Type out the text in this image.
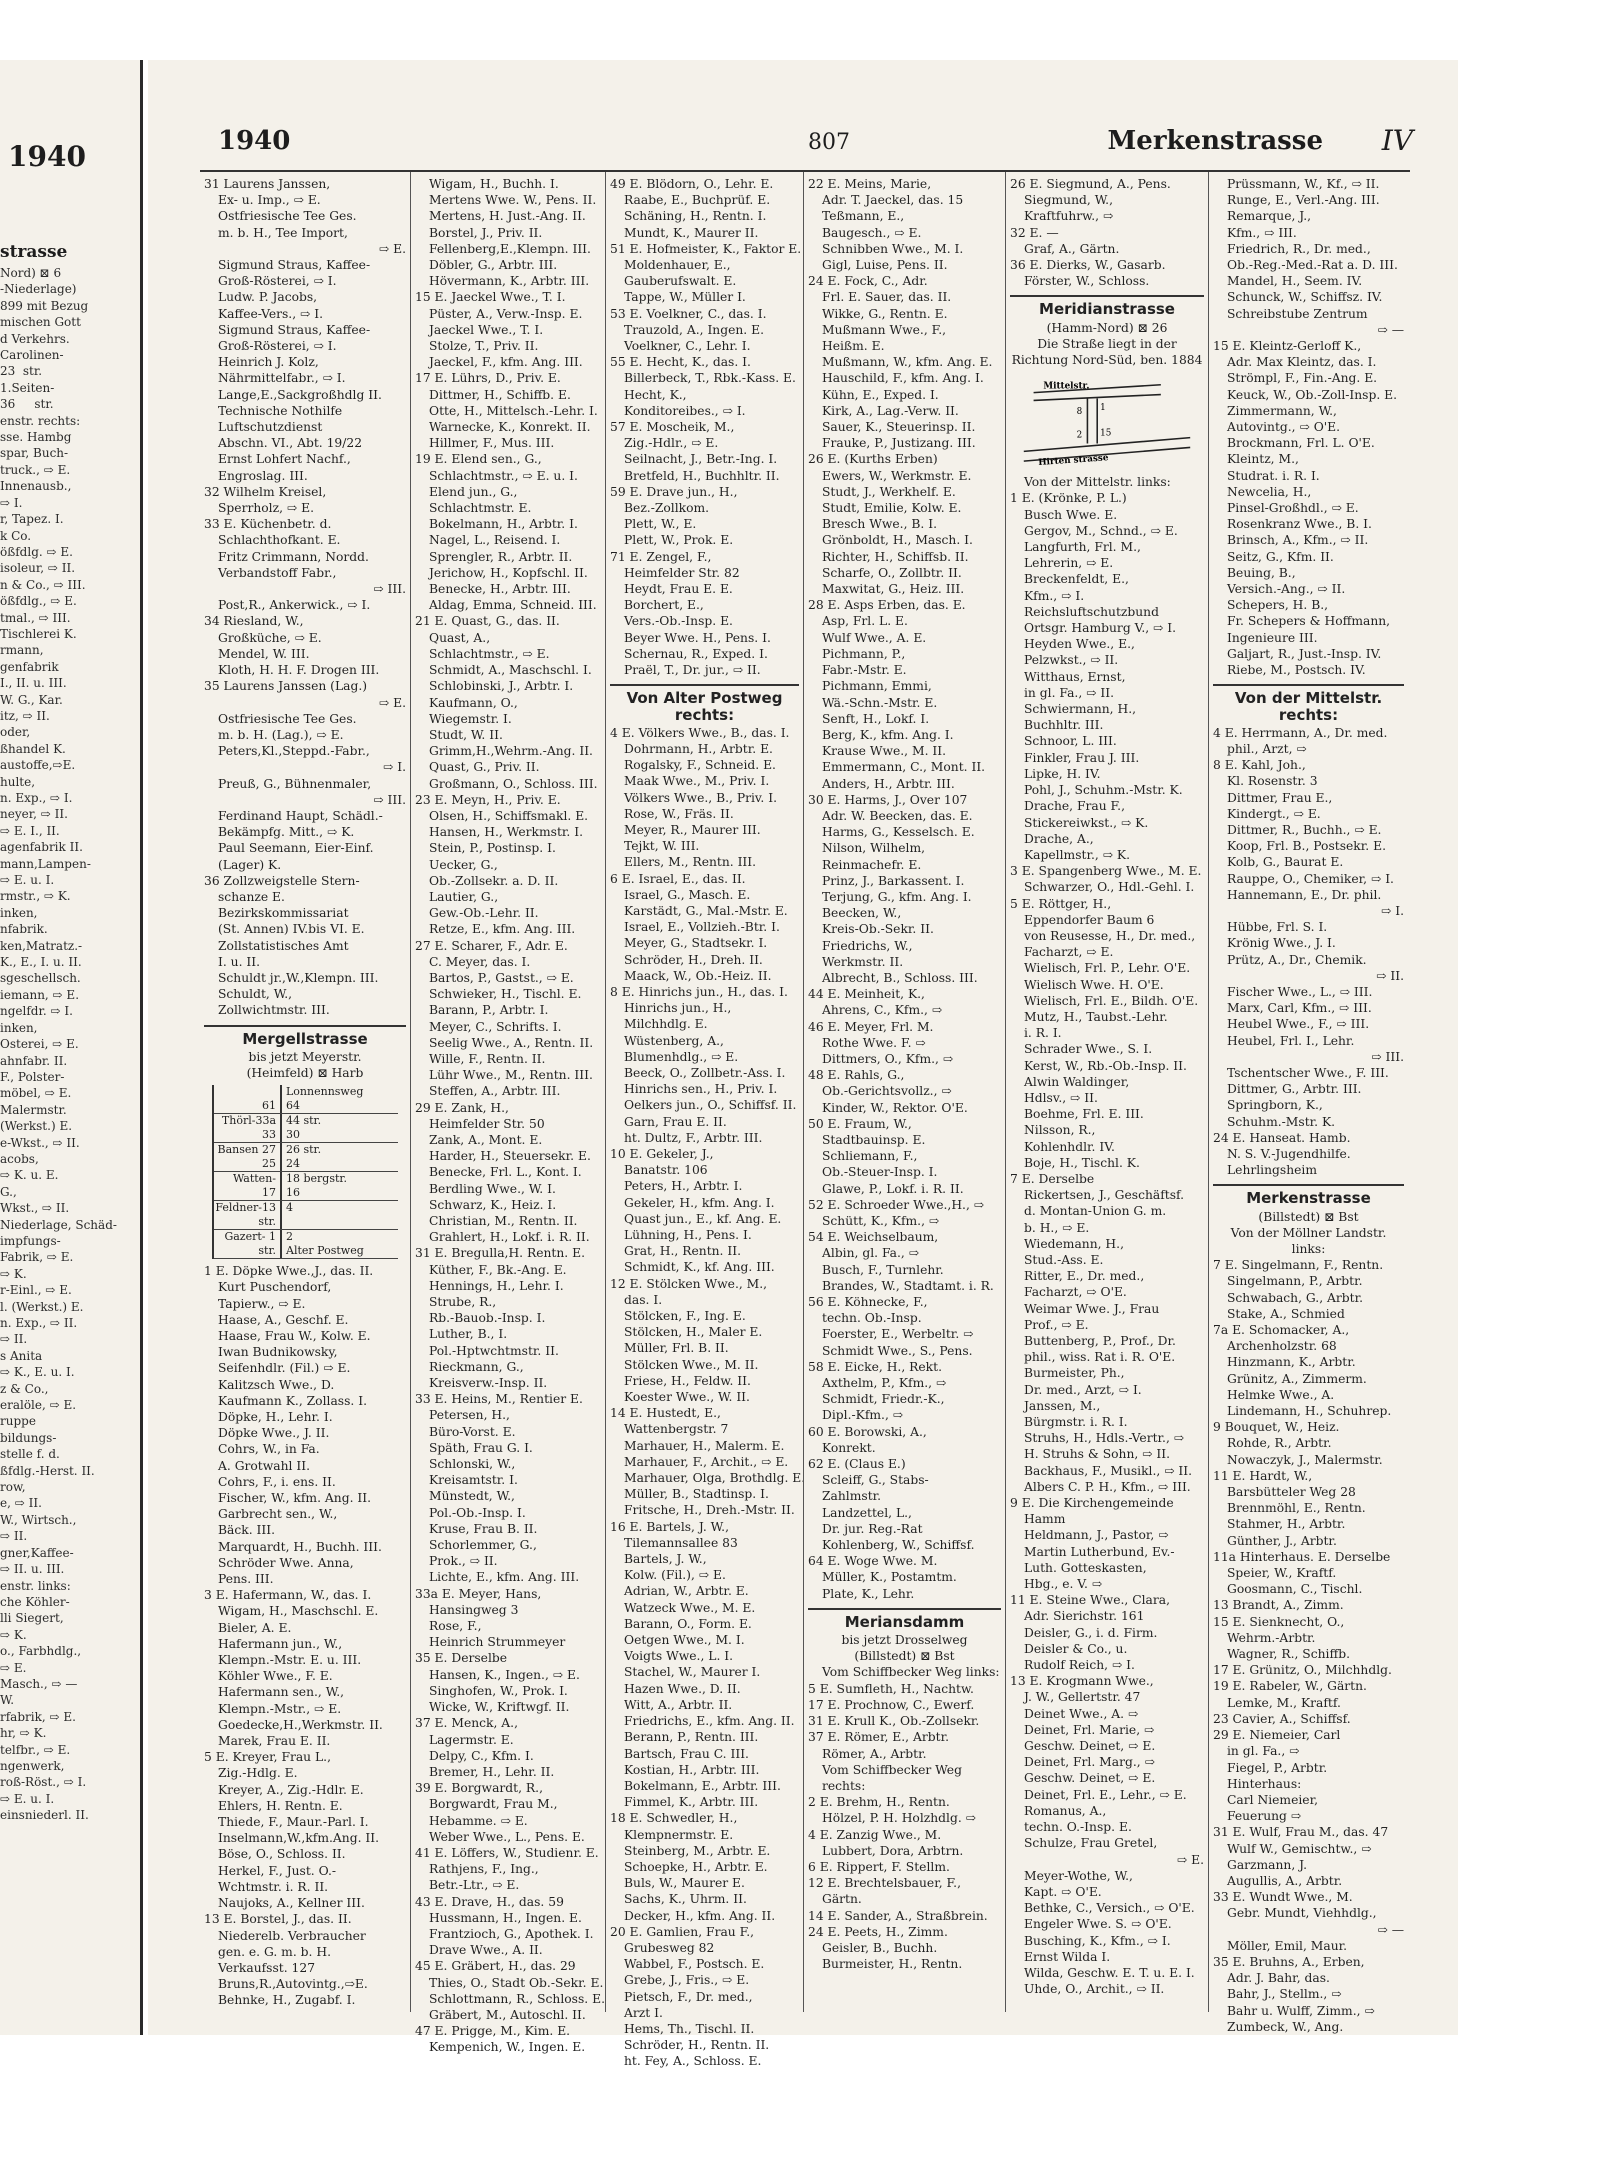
1940
strasse
Nord) ⊠ 6
-Niederlage)
899 mit Bezug
mischen Gott
d Verkehrs.
Carolinen-
23  str.
1.Seiten-
36     str.
enstr. rechts:
sse. Hambg
spar, Buch-
truck., ⇨ E.
Innenausb.,
⇨ I.
r, Tapez. I.
k Co.
ößfdlg. ⇨ E.
isoleur, ⇨ II.
n & Co., ⇨ III.
ößfdlg., ⇨ E.
tmal., ⇨ III.
Tischlerei K.
rmann,
genfabrik
I., II. u. III.
W. G., Kar.
itz, ⇨ II.
oder,
ßhandel K.
austoffe,⇨E.
hulte,
n. Exp., ⇨ I.
neyer, ⇨ II.
⇨ E. I., II.
agenfabrik II.
mann,Lampen-
⇨ E. u. I.
rmstr., ⇨ K.
inken,
nfabrik.
ken,Matratz.-
K., E., I. u. II.
sgeschellsch.
iemann, ⇨ E.
ngelfdr. ⇨ I.
inken,
Osterei, ⇨ E.
ahnfabr. II.
F., Polster-
möbel, ⇨ E.
Malermstr.
(Werkst.) E.
e-Wkst., ⇨ II.
acobs,
⇨ K. u. E.
G.,
Wkst., ⇨ II.
Niederlage, Schäd-
impfungs-
Fabrik, ⇨ E.
⇨ K.
r-Einl., ⇨ E.
l. (Werkst.) E.
n. Exp., ⇨ II.
⇨ II.
s Anita
⇨ K., E. u. I.
z & Co.,
eralöle, ⇨ E.
ruppe
bildungs-
stelle f. d.
ßfdlg.-Herst. II.
row,
e, ⇨ II.
W., Wirtsch.,
⇨ II.
gner,Kaffee-
⇨ II. u. III.
enstr. links:
che Köhler-
lli Siegert,
⇨ K.
o., Farbhdlg.,
⇨ E.
Masch., ⇨ —
W.
rfabrik, ⇨ E.
hr, ⇨ K.
telfbr., ⇨ E.
ngenwerk,
roß-Röst., ⇨ I.
⇨ E. u. I.
einsniederl. II.
1940	807	Merkenstrasse IV
31 Laurens Janssen,
Ex- u. Imp., ⇨ E.
Ostfriesische Tee Ges.
m. b. H., Tee Import,
⇨ E.
Sigmund Straus, Kaffee-
Groß-Rösterei, ⇨ I.
Ludw. P. Jacobs,
Kaffee-Vers., ⇨ I.
Sigmund Straus, Kaffee-
Groß-Rösterei, ⇨ I.
Heinrich J. Kolz,
Nährmittelfabr., ⇨ I.
Lange,E.,Sackgroßhdlg II.
Technische Nothilfe
Luftschutzdienst
Abschn. VI., Abt. 19/22
Ernst Lohfert Nachf.,
Engroslag. III.
32 Wilhelm Kreisel,
Sperrholz, ⇨ E.
33 E. Küchenbetr. d.
Schlachthofkant. E.
Fritz Crimmann, Nordd.
Verbandstoff Fabr.,
⇨ III.
Post,R., Ankerwick., ⇨ I.
34 Riesland, W.,
Großküche, ⇨ E.
Mendel, W. III.
Kloth, H. H. F. Drogen III.
35 Laurens Janssen (Lag.)
⇨ E.
Ostfriesische Tee Ges.
m. b. H. (Lag.), ⇨ E.
Peters,Kl.,Steppd.-Fabr.,
⇨ I.
Preuß, G., Bühnenmaler,
⇨ III.
Ferdinand Haupt, Schädl.-
Bekämpfg. Mitt., ⇨ K.
Paul Seemann, Eier-Einf.
(Lager) K.
36 Zollzweigstelle Stern-
schanze E.
Bezirkskommissariat
(St. Annen) IV.bis VI. E.
Zollstatistisches Amt
I. u. II.
Schuldt jr.,W.,Klempn. III.
Schuldt, W.,
Zollwichtmstr. III.
Mergellstrasse
bis jetzt Meyerstr.
(Heimfeld) ⊠ Harb
Lonnennsweg
61 64
Thörl-33a 44 str.
33 30
Bansen 27 26 str.
25 24
Watten- 18 bergstr.
17 16
Feldner-13 4
str.
Gazert- 1 2
str. Alter Postweg
1 E. Döpke Wwe.,J., das. II.
Kurt Puschendorf,
Tapierw., ⇨ E.
Haase, A., Geschf. E.
Haase, Frau W., Kolw. E.
Iwan Budnikowsky,
Seifenhdlr. (Fil.) ⇨ E.
Kalitzsch Wwe., D.
Kaufmann K., Zollass. I.
Döpke, H., Lehr. I.
Döpke Wwe., J. II.
Cohrs, W., in Fa.
A. Grotwahl II.
Cohrs, F., i. ens. II.
Fischer, W., kfm. Ang. II.
Garbrecht sen., W.,
Bäck. III.
Marquardt, H., Buchh. III.
Schröder Wwe. Anna,
Pens. III.
3 E. Hafermann, W., das. I.
Wigam, H., Maschschl. E.
Bieler, A. E.
Hafermann jun., W.,
Klempn.-Mstr. E. u. III.
Köhler Wwe., F. E.
Hafermann sen., W.,
Klempn.-Mstr., ⇨ E.
Goedecke,H.,Werkmstr. II.
Marek, Frau E. II.
5 E. Kreyer, Frau L.,
Zig.-Hdlg. E.
Kreyer, A., Zig.-Hdlr. E.
Ehlers, H. Rentn. E.
Thiede, F., Maur.-Parl. I.
Inselmann,W.,kfm.Ang. II.
Böse, O., Schloss. II.
Herkel, F., Just. O.-
Wchtmstr. i. R. II.
Naujoks, A., Kellner III.
13 E. Borstel, J., das. II.
Niederelb. Verbraucher
gen. e. G. m. b. H.
Verkaufsst. 127
Bruns,R.,Autovintg.,⇨E.
Behnke, H., Zugabf. I.
Wigam, H., Buchh. I.
Mertens Wwe. W., Pens. II.
Mertens, H. Just.-Ang. II.
Borstel, J., Priv. II.
Fellenberg,E.,Klempn. III.
Döbler, G., Arbtr. III.
Hövermann, K., Arbtr. III.
15 E. Jaeckel Wwe., T. I.
Püster, A., Verw.-Insp. E.
Jaeckel Wwe., T. I.
Stolze, T., Priv. II.
Jaeckel, F., kfm. Ang. III.
17 E. Lührs, D., Priv. E.
Dittmer, H., Schiffb. E.
Otte, H., Mittelsch.-Lehr. I.
Warnecke, K., Konrekt. II.
Hillmer, F., Mus. III.
19 E. Elend sen., G.,
Schlachtmstr., ⇨ E. u. I.
Elend jun., G.,
Schlachtmstr. E.
Bokelmann, H., Arbtr. I.
Nagel, L., Reisend. I.
Sprengler, R., Arbtr. II.
Jerichow, H., Kopfschl. II.
Benecke, H., Arbtr. III.
Aldag, Emma, Schneid. III.
21 E. Quast, G., das. II.
Quast, A.,
Schlachtmstr., ⇨ E.
Schmidt, A., Maschschl. I.
Schlobinski, J., Arbtr. I.
Kaufmann, O.,
Wiegemstr. I.
Studt, W. II.
Grimm,H.,Wehrm.-Ang. II.
Quast, G., Priv. II.
Großmann, O., Schloss. III.
23 E. Meyn, H., Priv. E.
Olsen, H., Schiffsmakl. E.
Hansen, H., Werkmstr. I.
Stein, P., Postinsp. I.
Uecker, G.,
Ob.-Zollsekr. a. D. II.
Lautier, G.,
Gew.-Ob.-Lehr. II.
Retze, E., kfm. Ang. III.
27 E. Scharer, F., Adr. E.
C. Meyer, das. I.
Bartos, P., Gastst., ⇨ E.
Schwieker, H., Tischl. E.
Barann, P., Arbtr. I.
Meyer, C., Schrifts. I.
Seelig Wwe., A., Rentn. II.
Wille, F., Rentn. II.
Lühr Wwe., M., Rentn. III.
Steffen, A., Arbtr. III.
29 E. Zank, H.,
Heimfelder Str. 50
Zank, A., Mont. E.
Harder, H., Steuersekr. E.
Benecke, Frl. L., Kont. I.
Berdling Wwe., W. I.
Schwarz, K., Heiz. I.
Christian, M., Rentn. II.
Grahlert, H., Lokf. i. R. II.
31 E. Bregulla,H. Rentn. E.
Küther, F., Bk.-Ang. E.
Hennings, H., Lehr. I.
Strube, R.,
Rb.-Bauob.-Insp. I.
Luther, B., I.
Pol.-Hptwchtmstr. II.
Rieckmann, G.,
Kreisverw.-Insp. II.
33 E. Heins, M., Rentier E.
Petersen, H.,
Büro-Vorst. E.
Späth, Frau G. I.
Schlonski, W.,
Kreisamtstr. I.
Münstedt, W.,
Pol.-Ob.-Insp. I.
Kruse, Frau B. II.
Schorlemmer, G.,
Prok., ⇨ II.
Lichte, E., kfm. Ang. III.
33a E. Meyer, Hans,
Hansingweg 3
Rose, F.,
Heinrich Strummeyer
35 E. Derselbe
Hansen, K., Ingen., ⇨ E.
Singhofen, W., Prok. I.
Wicke, W., Kriftwgf. II.
37 E. Menck, A.,
Lagermstr. E.
Delpy, C., Kfm. I.
Bremer, H., Lehr. II.
39 E. Borgwardt, R.,
Borgwardt, Frau M.,
Hebamme. ⇨ E.
Weber Wwe., L., Pens. E.
41 E. Löffers, W., Studienr. E.
Rathjens, F., Ing.,
Betr.-Ltr., ⇨ E.
43 E. Drave, H., das. 59
Hussmann, H., Ingen. E.
Frantzioch, G., Apothek. I.
Drave Wwe., A. II.
45 E. Gräbert, H., das. 29
Thies, O., Stadt Ob.-Sekr. E.
Schlottmann, R., Schloss. E.
Gräbert, M., Autoschl. II.
47 E. Prigge, M., Kim. E.
Kempenich, W., Ingen. E.
49 E. Blödorn, O., Lehr. E.
Raabe, E., Buchprüf. E.
Schäning, H., Rentn. I.
Mundt, K., Maurer II.
51 E. Hofmeister, K., Faktor E.
Moldenhauer, E.,
Gauberufswalt. E.
Tappe, W., Müller I.
53 E. Voelkner, C., das. I.
Trauzold, A., Ingen. E.
Voelkner, C., Lehr. I.
55 E. Hecht, K., das. I.
Billerbeck, T., Rbk.-Kass. E.
Hecht, K.,
Konditoreibes., ⇨ I.
57 E. Moscheik, M.,
Zig.-Hdlr., ⇨ E.
Seilnacht, J., Betr.-Ing. I.
Bretfeld, H., Buchhltr. II.
59 E. Drave jun., H.,
Bez.-Zollkom.
Plett, W., E.
Plett, W., Prok. E.
71 E. Zengel, F.,
Heimfelder Str. 82
Heydt, Frau E. E.
Borchert, E.,
Vers.-Ob.-Insp. E.
Beyer Wwe. H., Pens. I.
Schernau, R., Exped. I.
Praël, T., Dr. jur., ⇨ II.
Von Alter Postweg rechts:
4 E. Völkers Wwe., B., das. I.
Dohrmann, H., Arbtr. E.
Rogalsky, F., Schneid. E.
Maak Wwe., M., Priv. I.
Völkers Wwe., B., Priv. I.
Rose, W., Fräs. II.
Meyer, R., Maurer III.
Tejkt, W. III.
Ellers, M., Rentn. III.
6 E. Israel, E., das. II.
Israel, G., Masch. E.
Karstädt, G., Mal.-Mstr. E.
Israel, E., Vollzieh.-Btr. I.
Meyer, G., Stadtsekr. I.
Schröder, H., Dreh. II.
Maack, W., Ob.-Heiz. II.
8 E. Hinrichs jun., H., das. I.
Hinrichs jun., H.,
Milchhdlg. E.
Wüstenberg, A.,
Blumenhdlg., ⇨ E.
Beeck, O., Zollbetr.-Ass. I.
Hinrichs sen., H., Priv. I.
Oelkers jun., O., Schiffsf. II.
Garn, Frau E. II.
ht. Dultz, F., Arbtr. III.
10 E. Gekeler, J.,
Banatstr. 106
Peters, H., Arbtr. I.
Gekeler, H., kfm. Ang. I.
Quast jun., E., kf. Ang. E.
Lühning, H., Pens. I.
Grat, H., Rentn. II.
Schmidt, K., kf. Ang. III.
12 E. Stölcken Wwe., M.,
das. I.
Stölcken, F., Ing. E.
Stölcken, H., Maler E.
Müller, Frl. B. II.
Stölcken Wwe., M. II.
Friese, H., Feldw. II.
Koester Wwe., W. II.
14 E. Hustedt, E.,
Wattenbergstr. 7
Marhauer, H., Malerm. E.
Marhauer, F., Archit., ⇨ E.
Marhauer, Olga, Brothdlg. E.
Müller, B., Stadtinsp. I.
Fritsche, H., Dreh.-Mstr. II.
16 E. Bartels, J. W.,
Tilemannsallee 83
Bartels, J. W.,
Kolw. (Fil.), ⇨ E.
Adrian, W., Arbtr. E.
Watzeck Wwe., M. E.
Barann, O., Form. E.
Oetgen Wwe., M. I.
Voigts Wwe., L. I.
Stachel, W., Maurer I.
Hazen Wwe., D. II.
Witt, A., Arbtr. II.
Friedrichs, E., kfm. Ang. II.
Berann, P., Rentn. III.
Bartsch, Frau C. III.
Kostian, H., Arbtr. III.
Bokelmann, E., Arbtr. III.
Fimmel, K., Arbtr. III.
18 E. Schwedler, H.,
Klempnermstr. E.
Steinberg, M., Arbtr. E.
Schoepke, H., Arbtr. E.
Buls, W., Maurer E.
Sachs, K., Uhrm. II.
Decker, H., kfm. Ang. II.
20 E. Gamlien, Frau F.,
Grubesweg 82
Wabbel, F., Postsch. E.
Grebe, J., Fris., ⇨ E.
Pietsch, F., Dr. med.,
Arzt I.
Hems, Th., Tischl. II.
Schröder, H., Rentn. II.
ht. Fey, A., Schloss. E.
22 E. Meins, Marie,
Adr. T. Jaeckel, das. 15
Teßmann, E.,
Baugesch., ⇨ E.
Schnibben Wwe., M. I.
Gigl, Luise, Pens. II.
24 E. Fock, C., Adr.
Frl. E. Sauer, das. II.
Wikke, G., Rentn. E.
Mußmann Wwe., F.,
Heißm. E.
Mußmann, W., kfm. Ang. E.
Hauschild, F., kfm. Ang. I.
Kühn, E., Exped. I.
Kirk, A., Lag.-Verw. II.
Sauer, K., Steuerinsp. II.
Frauke, P., Justizang. III.
26 E. (Kurths Erben)
Ewers, W., Werkmstr. E.
Studt, J., Werkhelf. E.
Studt, Emilie, Kolw. E.
Bresch Wwe., B. I.
Grönboldt, H., Masch. I.
Richter, H., Schiffsb. II.
Scharfe, O., Zollbtr. II.
Maxwitat, G., Heiz. III.
28 E. Asps Erben, das. E.
Asp, Frl. L. E.
Wulf Wwe., A. E.
Pichmann, P.,
Fabr.-Mstr. E.
Pichmann, Emmi,
Wä.-Schn.-Mstr. E.
Senft, H., Lokf. I.
Berg, K., kfm. Ang. I.
Krause Wwe., M. II.
Emmermann, C., Mont. II.
Anders, H., Arbtr. III.
30 E. Harms, J., Over 107
Adr. W. Beecken, das. E.
Harms, G., Kesselsch. E.
Nilson, Wilhelm,
Reinmachefr. E.
Prinz, J., Barkassent. I.
Terjung, G., kfm. Ang. I.
Beecken, W.,
Kreis-Ob.-Sekr. II.
Friedrichs, W.,
Werkmstr. II.
Albrecht, B., Schloss. III.
44 E. Meinheit, K.,
Ahrens, C., Kfm., ⇨
46 E. Meyer, Frl. M.
Rothe Wwe. F. ⇨
Dittmers, O., Kfm., ⇨
48 E. Rahls, G.,
Ob.-Gerichtsvollz., ⇨
Kinder, W., Rektor. O'E.
50 E. Fraum, W.,
Stadtbauinsp. E.
Schliemann, F.,
Ob.-Steuer-Insp. I.
Glawe, P., Lokf. i. R. II.
52 E. Schroeder Wwe.,H., ⇨
Schütt, K., Kfm., ⇨
54 E. Weichselbaum,
Albin, gl. Fa., ⇨
Busch, F., Turnlehr.
Brandes, W., Stadtamt. i. R.
56 E. Köhnecke, F.,
techn. Ob.-Insp.
Foerster, E., Werbeltr. ⇨
Schmidt Wwe., S., Pens.
58 E. Eicke, H., Rekt.
Axthelm, P., Kfm., ⇨
Schmidt, Friedr.-K.,
Dipl.-Kfm., ⇨
60 E. Borowski, A.,
Konrekt.
62 E. (Claus E.)
Scleiff, G., Stabs-
Zahlmstr.
Landzettel, L.,
Dr. jur. Reg.-Rat
Kohlenberg, W., Schiffsf.
64 E. Woge Wwe. M.
Müller, K., Postamtm.
Plate, K., Lehr.
Meriansdamm
bis jetzt Drosselweg
(Billstedt) ⊠ Bst
Vom Schiffbecker Weg links:
5 E. Sumfleth, H., Nachtw.
17 E. Prochnow, C., Ewerf.
31 E. Krull K., Ob.-Zollsekr.
37 E. Römer, E., Arbtr.
Römer, A., Arbtr.
Vom Schiffbecker Weg
rechts:
2 E. Brehm, H., Rentn.
Hölzel, P. H. Holzhdlg. ⇨
4 E. Zanzig Wwe., M.
Lubbert, Dora, Arbtrn.
6 E. Rippert, F. Stellm.
12 E. Brechtelsbauer, F.,
Gärtn.
14 E. Sander, A., Straßbrein.
24 E. Peets, H., Zimm.
Geisler, B., Buchh.
Burmeister, H., Rentn.
26 E. Siegmund, A., Pens.
Siegmund, W.,
Kraftfuhrw., ⇨
32 E. —
Graf, A., Gärtn.
36 E. Dierks, W., Gasarb.
Förster, W., Schloss.
Meridianstrasse
(Hamm-Nord) ⊠ 26
Die Straße liegt in der
Richtung Nord-Süd, ben. 1884
Mittelstr.
Hirten strasse
8 1
2 15
Von der Mittelstr. links:
1 E. (Krönke, P. L.)
Busch Wwe. E.
Gergov, M., Schnd., ⇨ E.
Langfurth, Frl. M.,
Lehrerin, ⇨ E.
Breckenfeldt, E.,
Kfm., ⇨ I.
Reichsluftschutzbund
Ortsgr. Hamburg V., ⇨ I.
Heyden Wwe., E.,
Pelzwkst., ⇨ II.
Witthaus, Ernst,
in gl. Fa., ⇨ II.
Schwiermann, H.,
Buchhltr. III.
Schnoor, L. III.
Finkler, Frau J. III.
Lipke, H. IV.
Pohl, J., Schuhm.-Mstr. K.
Drache, Frau F.,
Stickereiwkst., ⇨ K.
Drache, A.,
Kapellmstr., ⇨ K.
3 E. Spangenberg Wwe., M. E.
Schwarzer, O., Hdl.-Gehl. I.
5 E. Röttger, H.,
Eppendorfer Baum 6
von Reusesse, H., Dr. med.,
Facharzt, ⇨ E.
Wielisch, Frl. P., Lehr. O'E.
Wielisch Wwe. H. O'E.
Wielisch, Frl. E., Bildh. O'E.
Mutz, H., Taubst.-Lehr.
i. R. I.
Schrader Wwe., S. I.
Kerst, W., Rb.-Ob.-Insp. II.
Alwin Waldinger,
Hdlsv., ⇨ II.
Boehme, Frl. E. III.
Nilsson, R.,
Kohlenhdlr. IV.
Boje, H., Tischl. K.
7 E. Derselbe
Rickertsen, J., Geschäftsf.
d. Montan-Union G. m.
b. H., ⇨ E.
Wiedemann, H.,
Stud.-Ass. E.
Ritter, E., Dr. med.,
Facharzt, ⇨ O'E.
Weimar Wwe. J., Frau
Prof., ⇨ E.
Buttenberg, P., Prof., Dr.
phil., wiss. Rat i. R. O'E.
Burmeister, Ph.,
Dr. med., Arzt, ⇨ I.
Janssen, M.,
Bürgmstr. i. R. I.
Struhs, H., Hdls.-Vertr., ⇨
H. Struhs & Sohn, ⇨ II.
Backhaus, F., Musikl., ⇨ II.
Albers C. P. H., Kfm., ⇨ III.
9 E. Die Kirchengemeinde
Hamm
Heldmann, J., Pastor, ⇨
Martin Lutherbund, Ev.-
Luth. Gotteskasten,
Hbg., e. V. ⇨
11 E. Steine Wwe., Clara,
Adr. Sierichstr. 161
Deisler, G., i. d. Firm.
Deisler & Co., u.
Rudolf Reich, ⇨ I.
13 E. Krogmann Wwe.,
J. W., Gellertstr. 47
Deinet Wwe., A. ⇨
Deinet, Frl. Marie, ⇨
Geschw. Deinet, ⇨ E.
Deinet, Frl. Marg., ⇨
Geschw. Deinet, ⇨ E.
Deinet, Frl. E., Lehr., ⇨ E.
Romanus, A.,
techn. O.-Insp. E.
Schulze, Frau Gretel,
⇨ E.
Meyer-Wothe, W.,
Kapt. ⇨ O'E.
Bethke, C., Versich., ⇨ O'E.
Engeler Wwe. S. ⇨ O'E.
Busching, K., Kfm., ⇨ I.
Ernst Wilda I.
Wilda, Geschw. E. T. u. E. I.
Uhde, O., Archit., ⇨ II.
Prüssmann, W., Kf., ⇨ II.
Runge, E., Verl.-Ang. III.
Remarque, J.,
Kfm., ⇨ III.
Friedrich, R., Dr. med.,
Ob.-Reg.-Med.-Rat a. D. III.
Mandel, H., Seem. IV.
Schunck, W., Schiffsz. IV.
Schreibstube Zentrum
⇨ —
15 E. Kleintz-Gerloff K.,
Adr. Max Kleintz, das. I.
Strömpl, F., Fin.-Ang. E.
Keuck, W., Ob.-Zoll-Insp. E.
Zimmermann, W.,
Autovintg., ⇨ O'E.
Brockmann, Frl. L. O'E.
Kleintz, M.,
Studrat. i. R. I.
Newcelia, H.,
Pinsel-Großhdl., ⇨ E.
Rosenkranz Wwe., B. I.
Brinsch, A., Kfm., ⇨ II.
Seitz, G., Kfm. II.
Beuing, B.,
Versich.-Ang., ⇨ II.
Schepers, H. B.,
Fr. Schepers & Hoffmann,
Ingenieure III.
Galjart, R., Just.-Insp. IV.
Riebe, M., Postsch. IV.
Von der Mittelstr. rechts:
4 E. Herrmann, A., Dr. med.
phil., Arzt, ⇨
8 E. Kahl, Joh.,
Kl. Rosenstr. 3
Dittmer, Frau E.,
Kindergt., ⇨ E.
Dittmer, R., Buchh., ⇨ E.
Koop, Frl. B., Postsekr. E.
Kolb, G., Baurat E.
Rauppe, O., Chemiker, ⇨ I.
Hannemann, E., Dr. phil.
⇨ I.
Hübbe, Frl. S. I.
Krönig Wwe., J. I.
Prütz, A., Dr., Chemik.
⇨ II.
Fischer Wwe., L., ⇨ III.
Marx, Carl, Kfm., ⇨ III.
Heubel Wwe., F., ⇨ III.
Heubel, Frl. I., Lehr.
⇨ III.
Tschentscher Wwe., F. III.
Dittmer, G., Arbtr. III.
Springborn, K.,
Schuhm.-Mstr. K.
24 E. Hanseat. Hamb.
N. S. V.-Jugendhilfe.
Lehrlingsheim
Merkenstrasse
(Billstedt) ⊠ Bst
Von der Möllner Landstr.
links:
7 E. Singelmann, F., Rentn.
Singelmann, P., Arbtr.
Schwabach, G., Arbtr.
Stake, A., Schmied
7a E. Schomacker, A.,
Archenholzstr. 68
Hinzmann, K., Arbtr.
Grünitz, A., Zimmerm.
Helmke Wwe., A.
Lindemann, H., Schuhrep.
9 Bouquet, W., Heiz.
Rohde, R., Arbtr.
Nowaczyk, J., Malermstr.
11 E. Hardt, W.,
Barsbütteler Weg 28
Brennmöhl, E., Rentn.
Stahmer, H., Arbtr.
Günther, J., Arbtr.
11a Hinterhaus. E. Derselbe
Speier, W., Kraftf.
Goosmann, C., Tischl.
13 Brandt, A., Zimm.
15 E. Sienknecht, O.,
Wehrm.-Arbtr.
Wagner, R., Schiffb.
17 E. Grünitz, O., Milchhdlg.
19 E. Rabeler, W., Gärtn.
Lemke, M., Kraftf.
23 Cavier, A., Schiffsf.
29 E. Niemeier, Carl
in gl. Fa., ⇨
Fiegel, P., Arbtr.
Hinterhaus:
Carl Niemeier,
Feuerung ⇨
31 E. Wulf, Frau M., das. 47
Wulf W., Gemischtw., ⇨
Garzmann, J.
Augullis, A., Arbtr.
33 E. Wundt Wwe., M.
Gebr. Mundt, Viehhdlg.,
⇨ —
Möller, Emil, Maur.
35 E. Bruhns, A., Erben,
Adr. J. Bahr, das.
Bahr, J., Stellm., ⇨
Bahr u. Wulff, Zimm., ⇨
Zumbeck, W., Ang.
